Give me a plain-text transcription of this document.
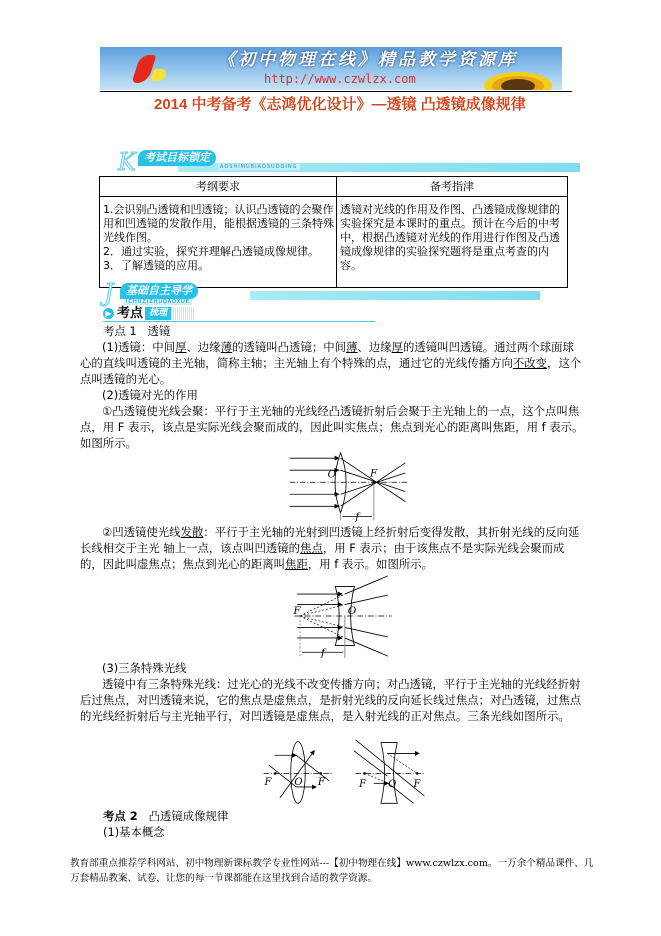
《初中物理在线》精品教学资源库
http://www.czwlzx.com
2014 中考备考《志鸿优化设计》—透镜 凸透镜成像规律
K 考试目标锁定
AOSHIMUBIAOSUODING
考纲要求	备考指津

1.会识别凸透镜和凹透镜；认识凸透镜的会聚作用和凹透镜的发散作用，能根据透镜的三条特殊光线作图。
2．通过实验，探究并理解凸透镜成像规律。
3．了解透镜的应用。	透镜对光线的作用及作图、凸透镜成像规律的实验探究是本课时的重点。预计在今后的中考中，根据凸透镜对光线的作用进行作图及凸透镜成像规律的实验探究题将是重点考查的内容。
J	基础自主导学
ICHUZIZHUDAOXUE
▶ 考点 梳理
考点 1 透镜
(1)透镜：中间厚、边缘薄的透镜叫凸透镜；中间薄、边缘厚的透镜叫凹透镜。通过两个球面球心的直线叫透镜的主光轴，简称主轴；主光轴上有个特殊的点，通过它的光线传播方向不改变，这个点叫透镜的光心。
(2)透镜对光的作用
①凸透镜使光线会聚：平行于主光轴的光线经凸透镜折射后会聚于主光轴上的一点，这个点叫焦点，用 F 表示，该点是实际光线会聚而成的，因此叫实焦点；焦点到光心的距离叫焦距，用 f 表示。如图所示。
O	F
f
②凹透镜使光线发散：平行于主光轴的光射到凹透镜上经折射后变得发散，其折射光线的反向延长线相交于主光 轴上一点，该点叫凹透镜的焦点，用 F 表示；由于该焦点不是实际光线会聚而成的，因此叫虚焦点；焦点到光心的距离叫焦距，用 f 表示。如图所示。
F	O
f
(3)三条特殊光线
透镜中有三条特殊光线：过光心的光线不改变传播方向；对凸透镜，平行于主光轴的光线经折射后过焦点，对凹透镜来说，它的焦点是虚焦点，是折射光线的反向延长线过焦点；对凸透镜，过焦点的光线经折射后与主光轴平行，对凹透镜是虚焦点，是入射光线的正对焦点。三条光线如图所示。
F O F	F O F
考点 2 凸透镜成像规律
(1)基本概念
教育部重点推荐学科网站、初中物理新课标教学专业性网站---【初中物理在线】www.czwlzx.com。一万余个精品课件、几万套精品教案、试卷，让您的每一节课都能在这里找到合适的教学资源。
